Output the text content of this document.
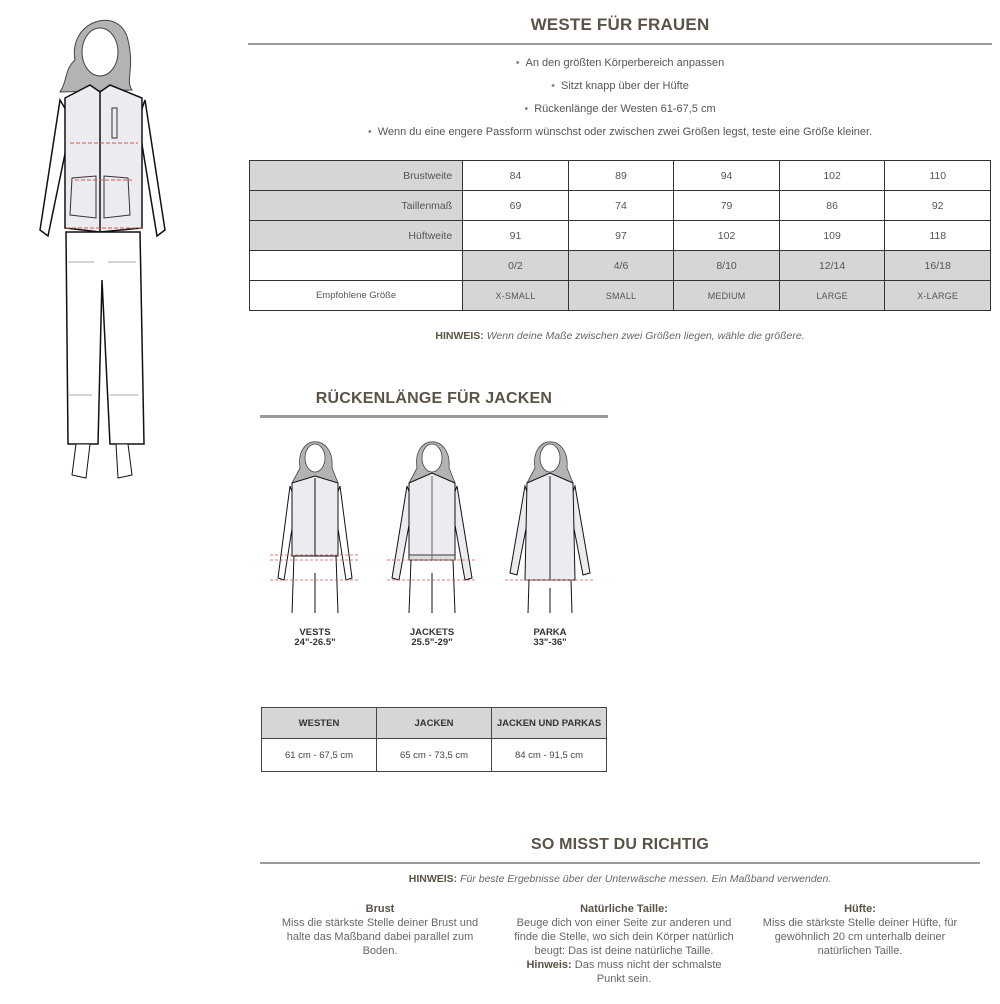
WESTE FÜR FRAUEN
• An den größten Körperbereich anpassen
• Sitzt knapp über der Hüfte
• Rückenlänge der Westen 61-67,5 cm
• Wenn du eine engere Passform wünschst oder zwischen zwei Größen legst, teste eine Größe kleiner.
Brustweite	84	89	94	102	110
Taillenmaß	69	74	79	86	92
Hüftweite	91	97	102	109	118
	0/2	4/6	8/10	12/14	16/18
Empfohlene Größe	X-SMALL	SMALL	MEDIUM	LARGE	X-LARGE
HINWEIS: Wenn deine Maße zwischen zwei Größen liegen, wähle die größere.
RÜCKENLÄNGE FÜR JACKEN
VESTS
24"-26.5"
JACKETS
25.5"-29"
PARKA
33"-36"
WESTEN	JACKEN	JACKEN UND PARKAS
61 cm - 67,5 cm	65 cm - 73,5 cm	84 cm - 91,5 cm
SO MISST DU RICHTIG
HINWEIS: Für beste Ergebnisse über der Unterwäsche messen. Ein Maßband verwenden.
Brust
Miss die stärkste Stelle deiner Brust und halte das Maßband dabei parallel zum Boden.
Natürliche Taille:
Beuge dich von einer Seite zur anderen und finde die Stelle, wo sich dein Körper natürlich beugt: Das ist deine natürliche Taille. Hinweis: Das muss nicht der schmalste Punkt sein.
Hüfte:
Miss die stärkste Stelle deiner Hüfte, für gewöhnlich 20 cm unterhalb deiner natürlichen Taille.
